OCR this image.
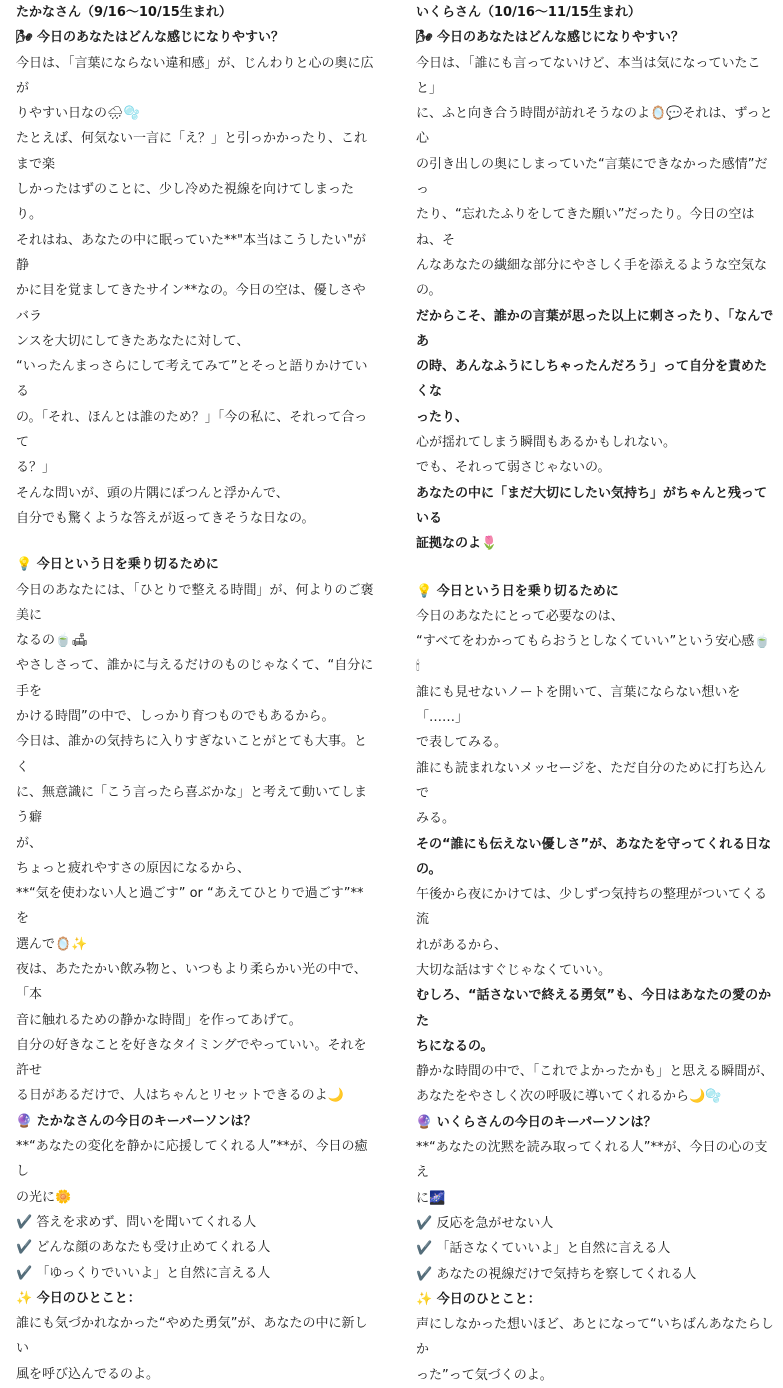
たかなさん（9/16〜10/15生まれ）

🌬 今日のあなたはどんな感じになりやすい？

今日は、「言葉にならない違和感」が、じんわりと心の奥に広が

りやすい日なの🌧🫧

たとえば、何気ない一言に「え？」と引っかかったり、これまで楽

しかったはずのことに、少し冷めた視線を向けてしまったり。

それはね、あなたの中に眠っていた**"本当はこうしたい"が静

かに目を覚ましてきたサイン**なの。今日の空は、優しさやバラ

ンスを大切にしてきたあなたに対して、

“いったんまっさらにして考えてみて”とそっと語りかけている

の。「それ、ほんとは誰のため？」「今の私に、それって合って

る？」

そんな問いが、頭の片隅にぽつんと浮かんで、

自分でも驚くような答えが返ってきそうな日なの。

💡 今日という日を乗り切るために

今日のあなたには、「ひとりで整える時間」が、何よりのご褒美に

なるの🍵🛋

やさしさって、誰かに与えるだけのものじゃなくて、“自分に手を

かける時間”の中で、しっかり育つものでもあるから。

今日は、誰かの気持ちに入りすぎないことがとても大事。とく

に、無意識に「こう言ったら喜ぶかな」と考えて動いてしまう癖

が、

ちょっと疲れやすさの原因になるから、

**“気を使わない人と過ごす” or “あえてひとりで過ごす”**を

選んで🪞✨

夜は、あたたかい飲み物と、いつもより柔らかい光の中で、「本

音に触れるための静かな時間」を作ってあげて。

自分の好きなことを好きなタイミングでやっていい。それを許せ

る日があるだけで、人はちゃんとリセットできるのよ🌙

🔮 たかなさんの今日のキーパーソンは？

**“あなたの変化を静かに応援してくれる人”**が、今日の癒し

の光に🌼

✔️ 答えを求めず、問いを聞いてくれる人

✔️ どんな顔のあなたも受け止めてくれる人

✔️ 「ゆっくりでいいよ」と自然に言える人

✨ 今日のひとこと：

誰にも気づかれなかった“やめた勇気”が、あなたの中に新しい

風を呼び込んでるのよ。

いくらさん（10/16〜11/15生まれ）

🌬 今日のあなたはどんな感じになりやすい？

今日は、「誰にも言ってないけど、本当は気になっていたこと」

に、ふと向き合う時間が訪れそうなのよ🪞💬それは、ずっと心

の引き出しの奥にしまっていた“言葉にできなかった感情”だっ

たり、“忘れたふりをしてきた願い”だったり。今日の空はね、そ

んなあなたの繊細な部分にやさしく手を添えるような空気な

の。

だからこそ、誰かの言葉が思った以上に刺さったり、「なんであ

の時、あんなふうにしちゃったんだろう」って自分を責めたくな

ったり、

心が揺れてしまう瞬間もあるかもしれない。

でも、それって弱さじゃないの。

あなたの中に「まだ大切にしたい気持ち」がちゃんと残っている

証拠なのよ🌷

💡 今日という日を乗り切るために

今日のあなたにとって必要なのは、

“すべてをわかってもらおうとしなくていい”という安心感🍵🕯

誰にも見せないノートを開いて、言葉にならない想いを「……」

で表してみる。

誰にも読まれないメッセージを、ただ自分のために打ち込んで

みる。

その“誰にも伝えない優しさ”が、あなたを守ってくれる日なの。

午後から夜にかけては、少しずつ気持ちの整理がついてくる流

れがあるから、

大切な話はすぐじゃなくていい。

むしろ、“話さないで終える勇気”も、今日はあなたの愛のかた

ちになるの。

静かな時間の中で、「これでよかったかも」と思える瞬間が、

あなたをやさしく次の呼吸に導いてくれるから🌙🫧

🔮 いくらさんの今日のキーパーソンは？

**“あなたの沈黙を読み取ってくれる人”**が、今日の心の支え

に🌌

✔️ 反応を急がせない人

✔️ 「話さなくていいよ」と自然に言える人

✔️ あなたの視線だけで気持ちを察してくれる人

✨ 今日のひとこと：

声にしなかった想いほど、あとになって“いちばんあなたらしか

った”って気づくのよ。
